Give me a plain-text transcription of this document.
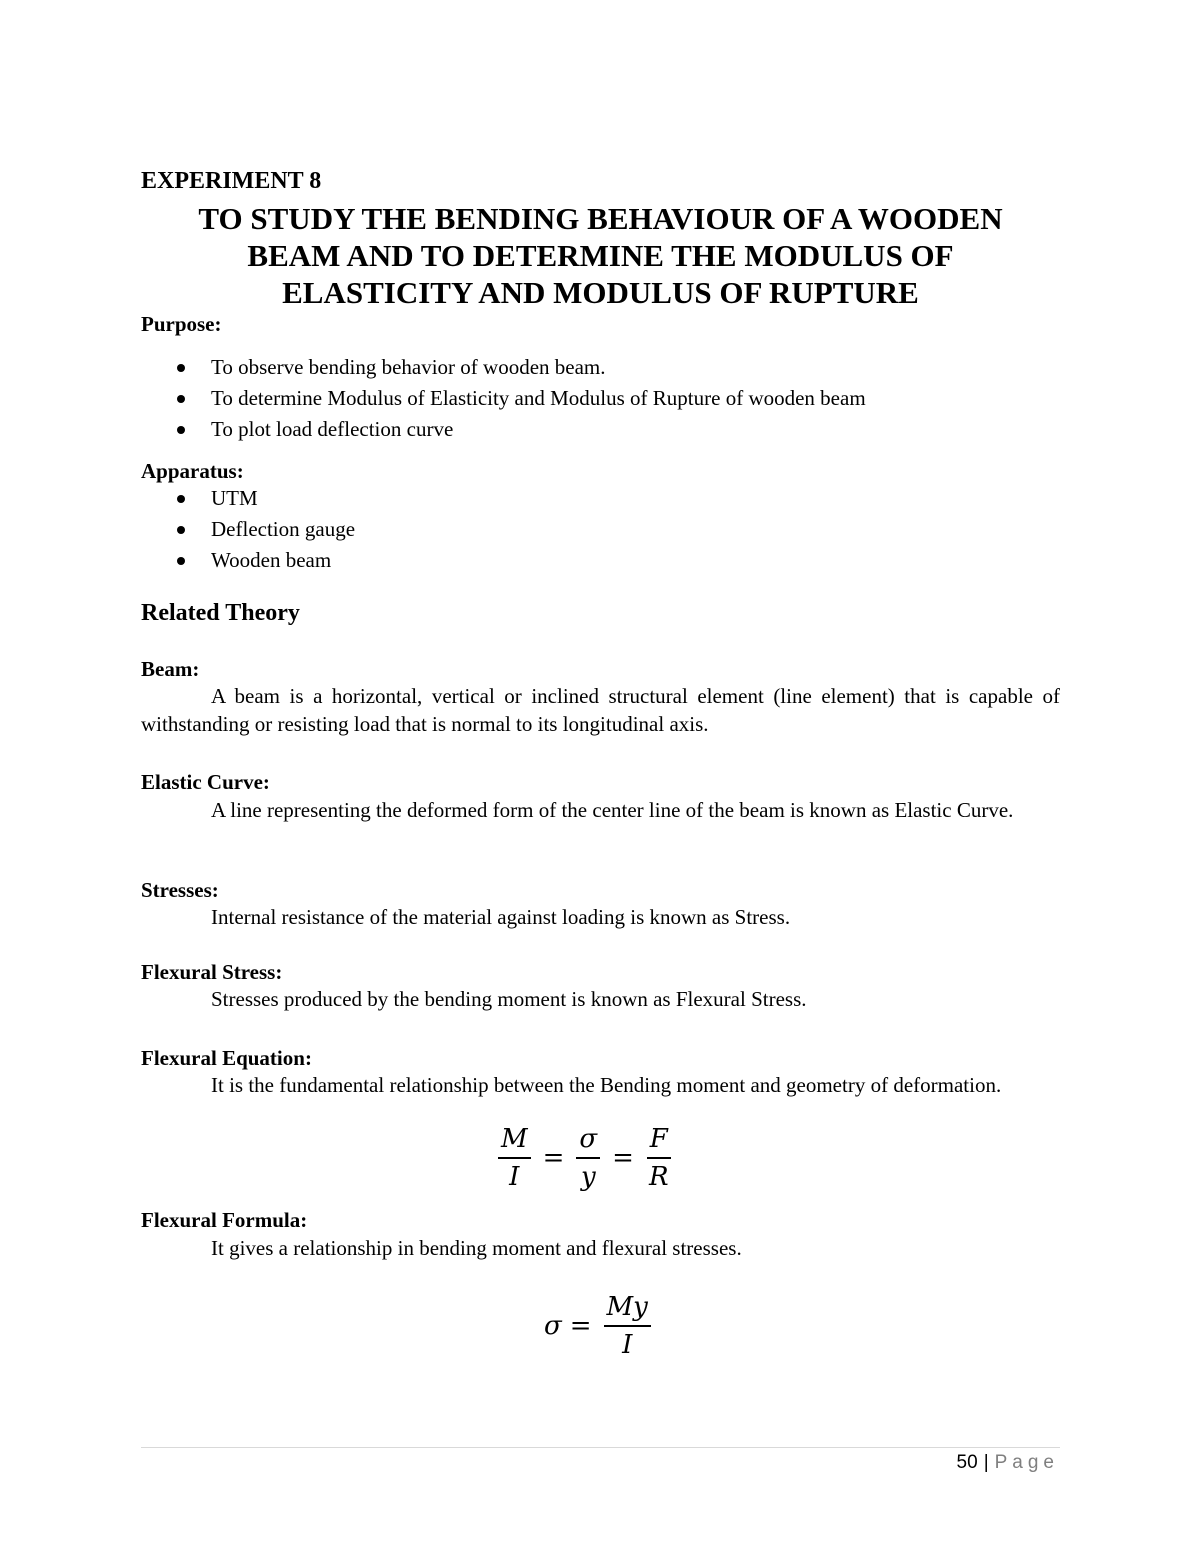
EXPERIMENT 8
TO STUDY THE BENDING BEHAVIOUR OF A WOODEN
BEAM AND TO DETERMINE THE MODULUS OF
ELASTICITY AND MODULUS OF RUPTURE
Purpose:
To observe bending behavior of wooden beam.
To determine Modulus of Elasticity and Modulus of Rupture of wooden beam
To plot load deflection curve
Apparatus:
UTM
Deflection gauge
Wooden beam
Related Theory
Beam:
A beam is a horizontal, vertical or inclined structural element (line element) that is capable of withstanding or resisting load that is normal to its longitudinal axis.
Elastic Curve:
A line representing the deformed form of the center line of the beam is known as Elastic Curve.
Stresses:
Internal resistance of the material against loading is known as Stress.
Flexural Stress:
Stresses produced by the bending moment is known as Flexural Stress.
Flexural Equation:
It is the fundamental relationship between the Bending moment and geometry of deformation.
$\frac{M}{I} = \frac{\sigma}{y} = \frac{F}{R}$
Flexural Formula:
It gives a relationship in bending moment and flexural stresses.
$\sigma = \frac{My}{I}$
50 | Page
